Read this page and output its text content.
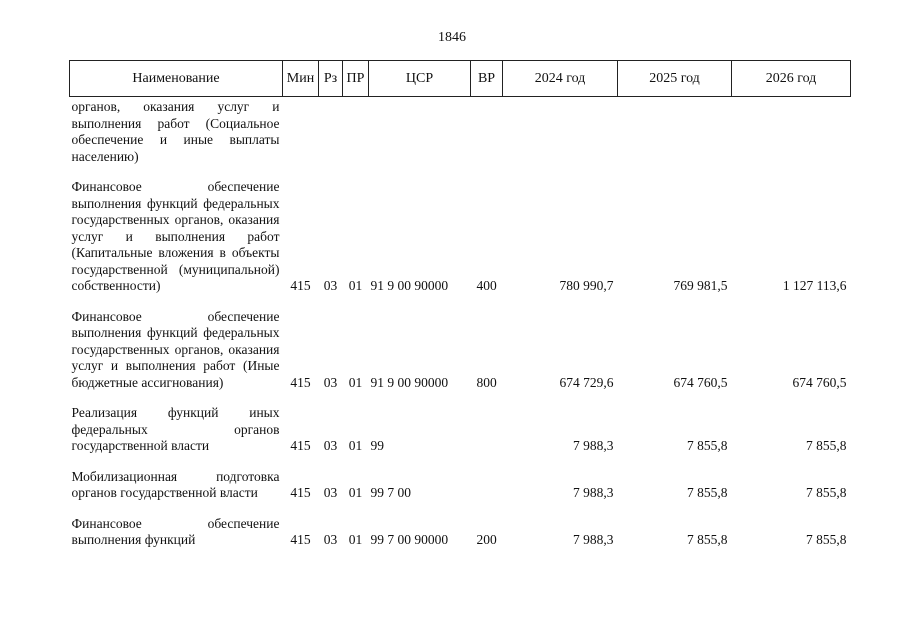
1846
Наименование	Мин	Рз	ПР	ЦСР	ВР	2024 год	2025 год	2026 год
органов, оказания услуг и выполнения работ (Социальное обеспечение и иные выплаты населению)								

Финансовое обеспечение выполнения функций федеральных государственных органов, оказания услуг и выполнения работ (Капитальные вложения в объекты государственной (муниципальной) собственности)	415	03	01	91 9 00 90000	400	780 990,7	769 981,5	1 127 113,6

Финансовое обеспечение выполнения функций федеральных государственных органов, оказания услуг и выполнения работ (Иные бюджетные ассигнования)	415	03	01	91 9 00 90000	800	674 729,6	674 760,5	674 760,5

Реализация функций иных федеральных органов государственной власти	415	03	01	99		7 988,3	7 855,8	7 855,8

Мобилизационная подготовка органов государственной власти	415	03	01	99 7 00		7 988,3	7 855,8	7 855,8

Финансовое обеспечение выполнения функций	415	03	01	99 7 00 90000	200	7 988,3	7 855,8	7 855,8
